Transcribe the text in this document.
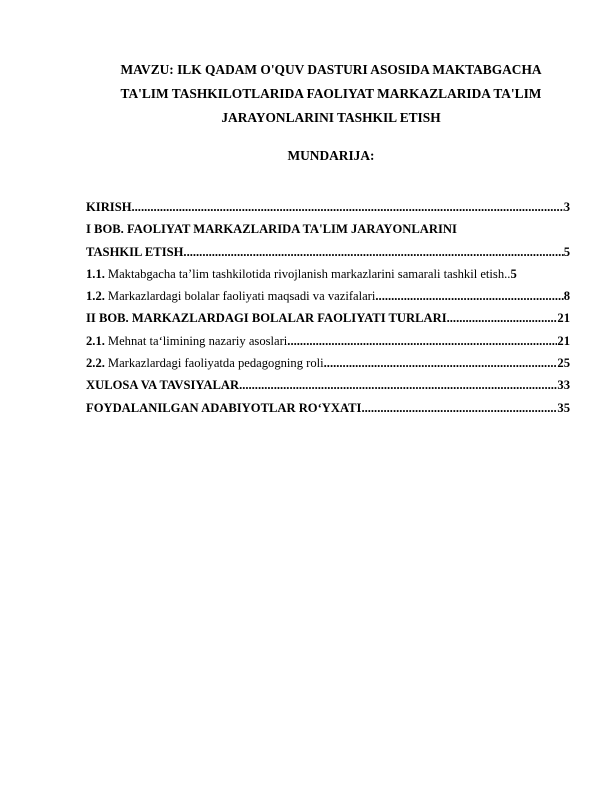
MAVZU: ILK QADAM O'QUV DASTURI ASOSIDA MAKTABGACHA
TA'LIM TASHKILOTLARIDA FAOLIYAT MARKAZLARIDA TA'LIM
JARAYONLARINI TASHKIL ETISH
MUNDARIJA:
KIRISH .....	3
I BOB. FAOLIYAT MARKAZLARIDA TA'LIM JARAYONLARINI
TASHKIL ETISH .....	5
1.1. Maktabgacha ta’lim tashkilotida rivojlanish markazlarini samarali tashkil etish.. 5
1.2. Markazlardagi bolalar faoliyati maqsadi va vazifalari .....	8
II BOB. MARKAZLARDAGI BOLALAR FAOLIYATI TURLARI .....	21
2.1. Mehnat ta‘limining nazariy asoslari .....	21
2.2. Markazlardagi faoliyatda pedagogning roli .....	25
XULOSA VA TAVSIYALAR .....	33
FOYDALANILGAN ADABIYOTLAR RO‘YXATI .....	35
